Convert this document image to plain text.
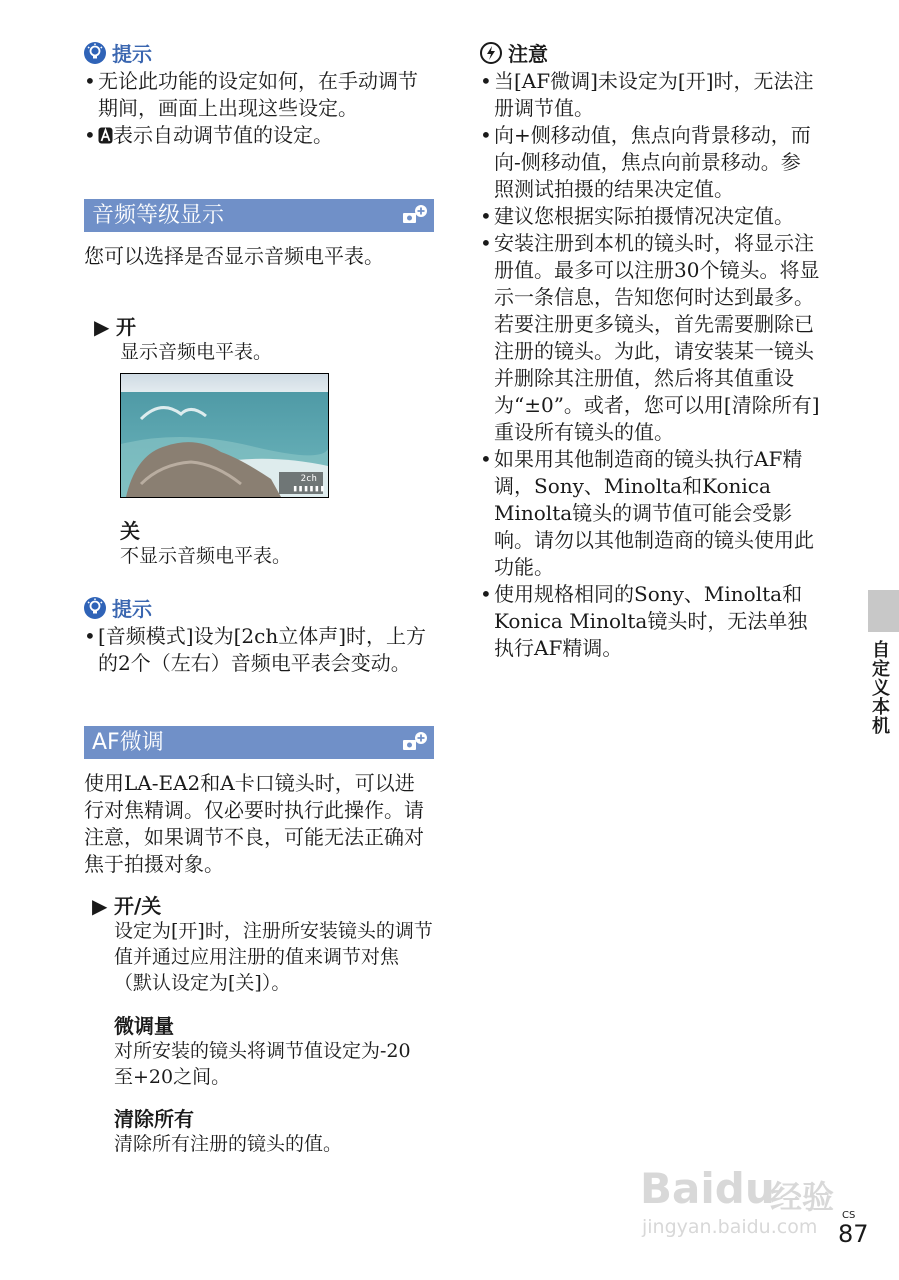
提示
• 无论此功能的设定如何，在手动调节期间，画面上出现这些设定。
• 表示自动调节值的设定。
音频等级显示

您可以选择是否显示音频电平表。

▶ 开

显示音频电平表。

2ch
▮▮▮▮▮▮
关

不显示音频电平表。

提示
• [音频模式]设为[2ch立体声]时，上方的2个（左右）音频电平表会变动。
AF微调

使用LA-EA2和A卡口镜头时，可以进行对焦精调。仅必要时执行此操作。请注意，如果调节不良，可能无法正确对焦于拍摄对象。

▶ 开/关

设定为[开]时，注册所安装镜头的调节值并通过应用注册的值来调节对焦（默认设定为[关]）。

微调量

对所安装的镜头将调节值设定为-20至+20之间。

清除所有

清除所有注册的镜头的值。

注意
• 当[AF微调]未设定为[开]时，无法注册调节值。
• 向+侧移动值，焦点向背景移动，而向-侧移动值，焦点向前景移动。参照测试拍摄的结果决定值。
• 建议您根据实际拍摄情况决定值。
• 安装注册到本机的镜头时，将显示注册值。最多可以注册30个镜头。将显示一条信息，告知您何时达到最多。若要注册更多镜头，首先需要删除已注册的镜头。为此，请安装某一镜头并删除其注册值，然后将其值重设为“±0”。或者，您可以用[清除所有]重设所有镜头的值。
• 如果用其他制造商的镜头执行AF精调，Sony、Minolta和Konica Minolta镜头的调节值可能会受影响。请勿以其他制造商的镜头使用此功能。
• 使用规格相同的Sony、Minolta和Konica Minolta镜头时，无法单独执行AF精调。	自定义本机
Baidu
经验
jingyan.baidu.com
CS
87
